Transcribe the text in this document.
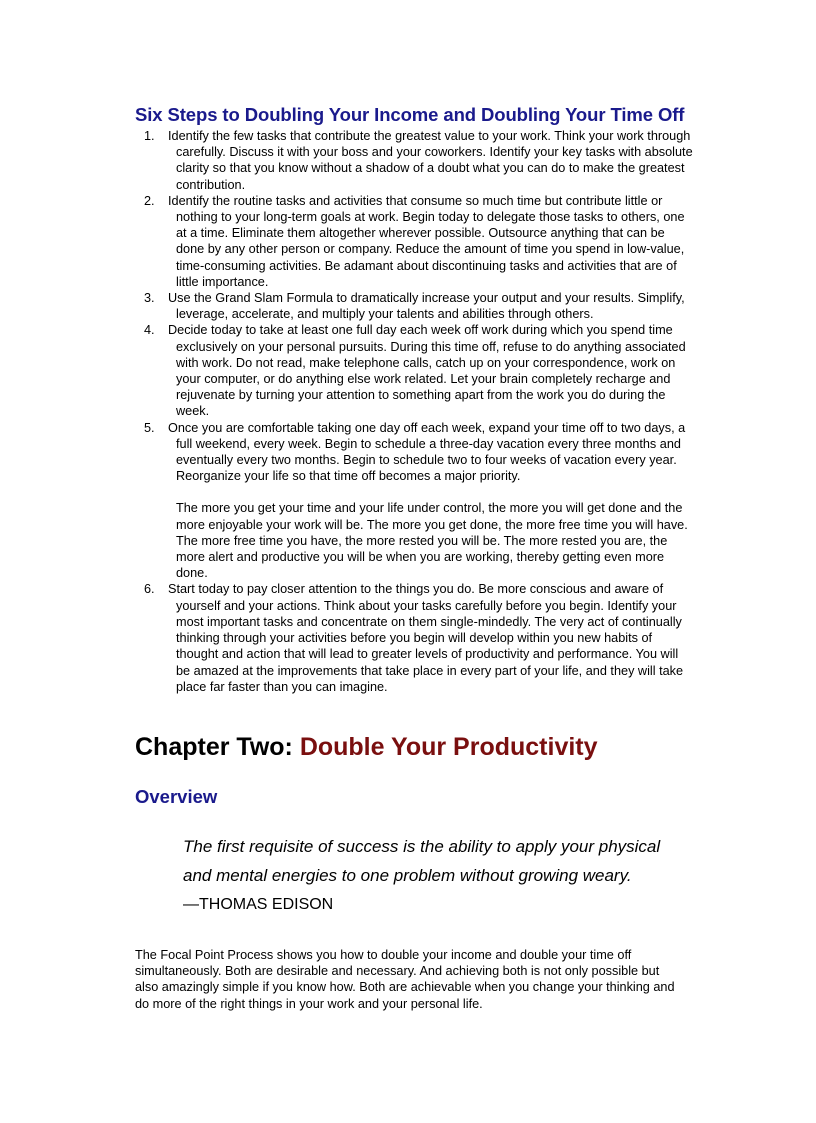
Six Steps to Doubling Your Income and Doubling Your Time Off
1. Identify the few tasks that contribute the greatest value to your work. Think your work through carefully. Discuss it with your boss and your coworkers. Identify your key tasks with absolute clarity so that you know without a shadow of a doubt what you can do to make the greatest contribution.
2. Identify the routine tasks and activities that consume so much time but contribute little or nothing to your long-term goals at work. Begin today to delegate those tasks to others, one at a time. Eliminate them altogether wherever possible. Outsource anything that can be done by any other person or company. Reduce the amount of time you spend in low-value, time-consuming activities. Be adamant about discontinuing tasks and activities that are of little importance.
3. Use the Grand Slam Formula to dramatically increase your output and your results. Simplify, leverage, accelerate, and multiply your talents and abilities through others.
4. Decide today to take at least one full day each week off work during which you spend time exclusively on your personal pursuits. During this time off, refuse to do anything associated with work. Do not read, make telephone calls, catch up on your correspondence, work on your computer, or do anything else work related. Let your brain completely recharge and rejuvenate by turning your attention to something apart from the work you do during the week.
5. Once you are comfortable taking one day off each week, expand your time off to two days, a full weekend, every week. Begin to schedule a three-day vacation every three months and eventually every two months. Begin to schedule two to four weeks of vacation every year. Reorganize your life so that time off becomes a major priority.
The more you get your time and your life under control, the more you will get done and the more enjoyable your work will be. The more you get done, the more free time you will have. The more free time you have, the more rested you will be. The more rested you are, the more alert and productive you will be when you are working, thereby getting even more done.
6. Start today to pay closer attention to the things you do. Be more conscious and aware of yourself and your actions. Think about your tasks carefully before you begin. Identify your most important tasks and concentrate on them single-mindedly. The very act of continually thinking through your activities before you begin will develop within you new habits of thought and action that will lead to greater levels of productivity and performance. You will be amazed at the improvements that take place in every part of your life, and they will take place far faster than you can imagine.
Chapter Two: Double Your Productivity
Overview
The first requisite of success is the ability to apply your physical
and mental energies to one problem without growing weary.
—THOMAS EDISON
The Focal Point Process shows you how to double your income and double your time off simultaneously. Both are desirable and necessary. And achieving both is not only possible but also amazingly simple if you know how. Both are achievable when you change your thinking and do more of the right things in your work and your personal life.
